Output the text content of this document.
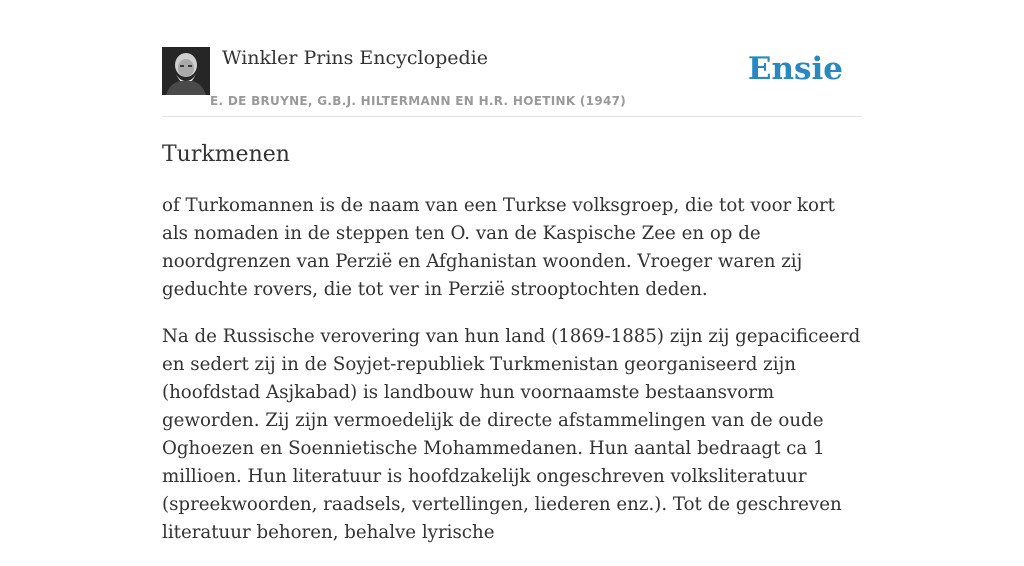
Winkler Prins Encyclopedie
E. DE BRUYNE, G.B.J. HILTERMANN EN H.R. HOETINK (1947)
Ensie
Turkmenen

of Turkomannen is de naam van een Turkse volksgroep, die tot voor kort als nomaden in de steppen ten O. van de Kaspische Zee en op de noordgrenzen van Perzië en Afghanistan woonden. Vroeger waren zij geduchte rovers, die tot ver in Perzië strooptochten deden.

Na de Russische verovering van hun land (1869-1885) zijn zij gepacificeerd en sedert zij in de Soyjet-republiek Turkmenistan georganiseerd zijn (hoofdstad Asjkabad) is landbouw hun voornaamste bestaansvorm geworden. Zij zijn vermoedelijk de directe afstammelingen van de oude Oghoezen en Soennietische Mohammedanen. Hun aantal bedraagt ca 1 millioen. Hun literatuur is hoofdzakelijk ongeschreven volksliteratuur (spreekwoorden, raadsels, vertellingen, liederen enz.). Tot de geschreven literatuur behoren, behalve lyrische
